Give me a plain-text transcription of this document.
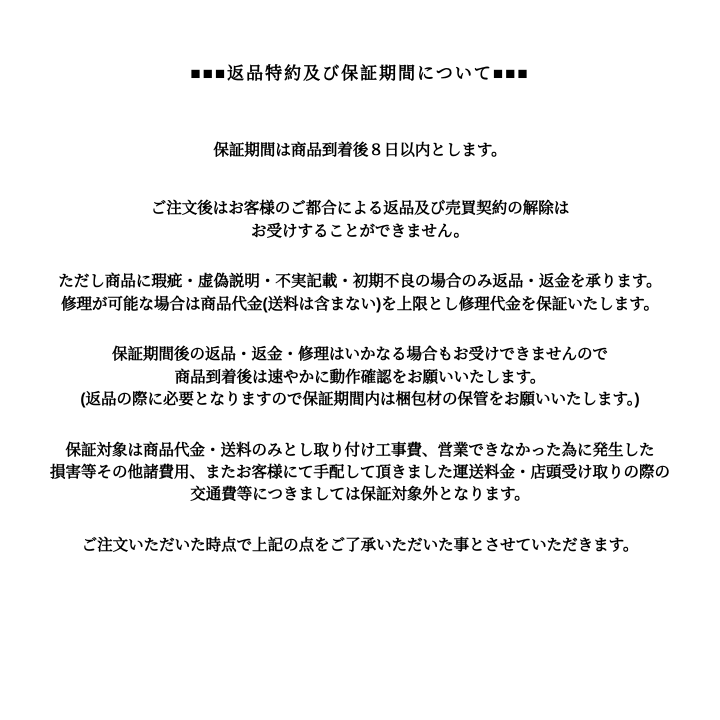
■■■返品特約及び保証期間について■■■
保証期間は商品到着後８日以内とします。
ご注文後はお客様のご都合による返品及び売買契約の解除は
お受けすることができません。
ただし商品に瑕疵・虚偽説明・不実記載・初期不良の場合のみ返品・返金を承ります。
修理が可能な場合は商品代金(送料は含まない)を上限とし修理代金を保証いたします。
保証期間後の返品・返金・修理はいかなる場合もお受けできませんので
商品到着後は速やかに動作確認をお願いいたします。
(返品の際に必要となりますので保証期間内は梱包材の保管をお願いいたします。)
保証対象は商品代金・送料のみとし取り付け工事費、営業できなかった為に発生した
損害等その他諸費用、またお客様にて手配して頂きました運送料金・店頭受け取りの際の
交通費等につきましては保証対象外となります。
ご注文いただいた時点で上記の点をご了承いただいた事とさせていただきます。
